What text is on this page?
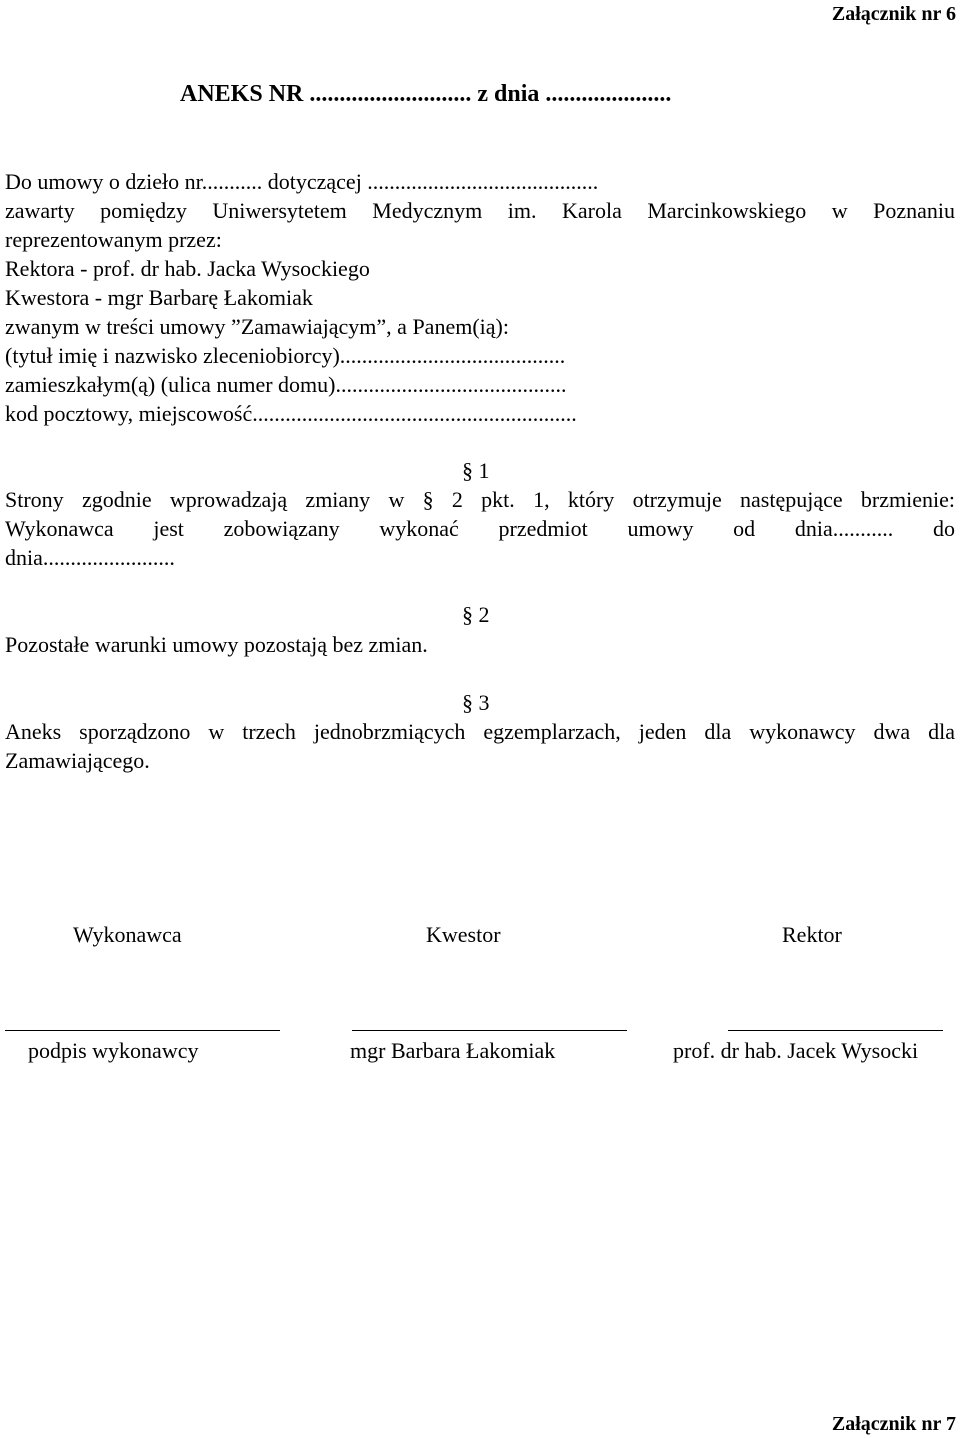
Załącznik nr 6
ANEKS NR ........................... z dnia .....................
Do umowy o dzieło nr........... dotyczącej ..........................................
zawarty pomiędzy Uniwersytetem Medycznym im. Karola Marcinkowskiego w Poznaniu
reprezentowanym przez:
Rektora - prof. dr hab. Jacka Wysockiego
Kwestora - mgr Barbarę Łakomiak
zwanym w treści umowy ”Zamawiającym”, a Panem(ią):
(tytuł imię i nazwisko zleceniobiorcy).........................................
zamieszkałym(ą) (ulica numer domu)..........................................
kod pocztowy, miejscowość...........................................................
§ 1
Strony zgodnie wprowadzają zmiany w § 2 pkt. 1, który otrzymuje następujące brzmienie:
Wykonawca jest zobowiązany wykonać przedmiot umowy od dnia........... do
dnia........................
§ 2
Pozostałe warunki umowy pozostają bez zmian.
§ 3
Aneks sporządzono w trzech jednobrzmiących egzemplarzach, jeden dla wykonawcy dwa dla
Zamawiającego.
Wykonawca	Kwestor	Rektor
podpis wykonawcy	mgr Barbara Łakomiak	prof. dr hab. Jacek Wysocki
Załącznik nr 7
